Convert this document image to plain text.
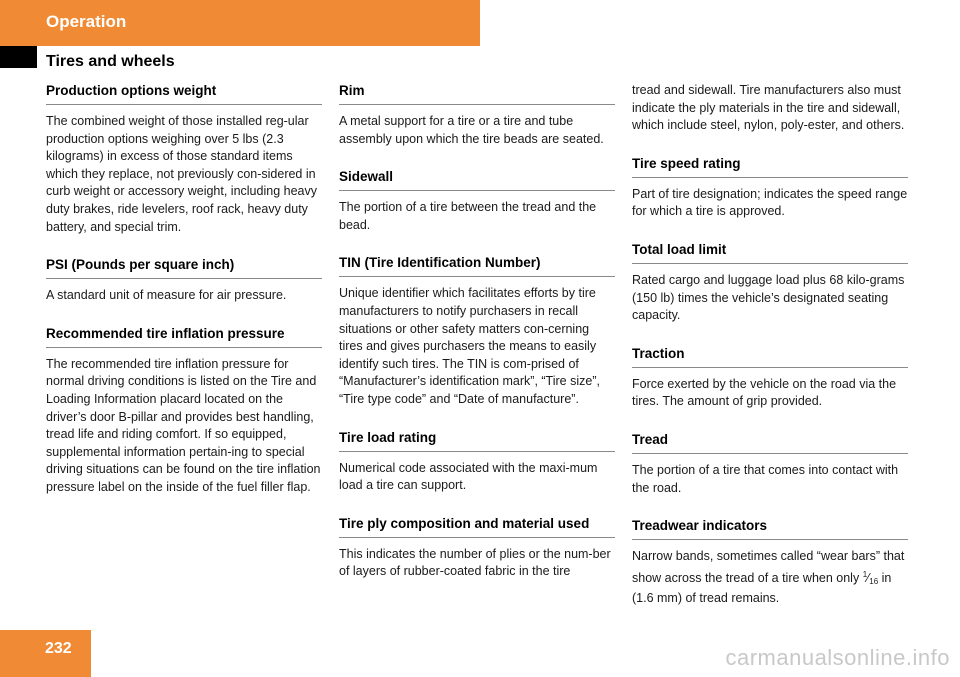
Operation
Tires and wheels
Production options weight
The combined weight of those installed reg-ular production options weighing over 5 lbs (2.3 kilograms) in excess of those standard items which they replace, not previously con-sidered in curb weight or accessory weight, including heavy duty brakes, ride levelers, roof rack, heavy duty battery, and special trim.
PSI (Pounds per square inch)
A standard unit of measure for air pressure.
Recommended tire inflation pressure
The recommended tire inflation pressure for normal driving conditions is listed on the Tire and Loading Information placard located on the driver’s door B-pillar and provides best handling, tread life and riding comfort. If so equipped, supplemental information pertain-ing to special driving situations can be found on the tire inflation pressure label on the inside of the fuel filler flap.
Rim
A metal support for a tire or a tire and tube assembly upon which the tire beads are seated.
Sidewall
The portion of a tire between the tread and the bead.
TIN (Tire Identification Number)
Unique identifier which facilitates efforts by tire manufacturers to notify purchasers in recall situations or other safety matters con-cerning tires and gives purchasers the means to easily identify such tires. The TIN is com-prised of “Manufacturer’s identification mark”, “Tire size”, “Tire type code” and “Date of manufacture”.
Tire load rating
Numerical code associated with the maxi-mum load a tire can support.
Tire ply composition and material used
This indicates the number of plies or the num-ber of layers of rubber-coated fabric in the tire
tread and sidewall. Tire manufacturers also must indicate the ply materials in the tire and sidewall, which include steel, nylon, poly-ester, and others.
Tire speed rating
Part of tire designation; indicates the speed range for which a tire is approved.
Total load limit
Rated cargo and luggage load plus 68 kilo-grams (150 lb) times the vehicle’s designated seating capacity.
Traction
Force exerted by the vehicle on the road via the tires. The amount of grip provided.
Tread
The portion of a tire that comes into contact with the road.
Treadwear indicators
Narrow bands, sometimes called “wear bars” that show across the tread of a tire when only $^1⁄_{16}$ in (1.6 mm) of tread remains.
232	carmanualsonline.info
